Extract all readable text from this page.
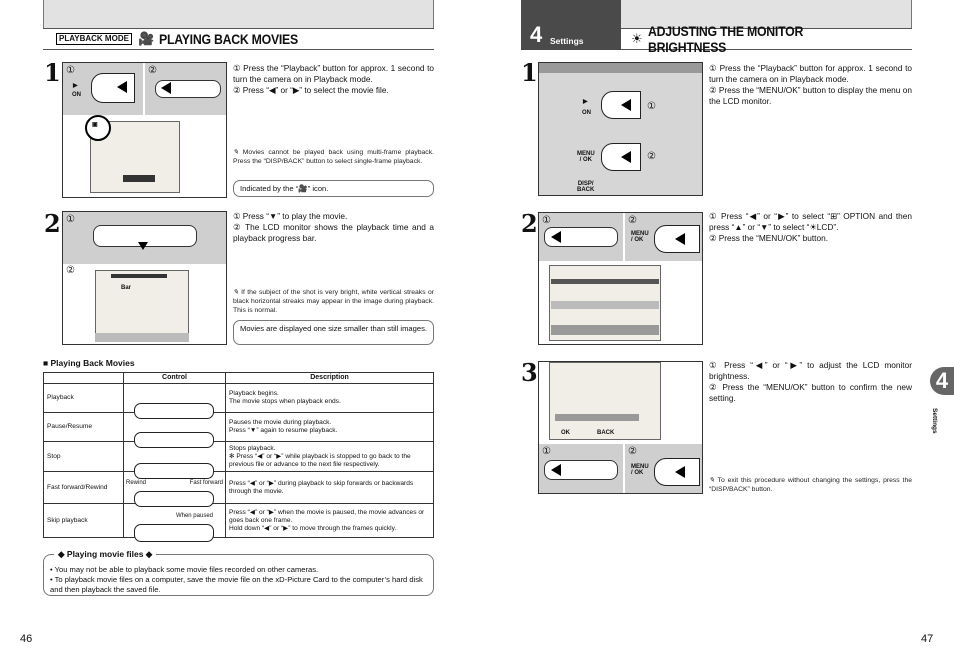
PLAYBACK MODE 🎥 PLAYING BACK MOVIES
1 ①
▶
ON
②
▣

① Press the “Playback” button for approx. 1 second to turn the camera on in Playback mode.

② Press “◀” or “▶” to select the movie file.

✎ Movies cannot be played back using multi-frame playback. Press the “DISP/BACK” button to select single-frame playback.
Indicated by the “🎥” icon.
2 ①
②
Bar

① Press “▼” to play the movie.

② The LCD monitor shows the playback time and a playback progress bar.

✎ If the subject of the shot is very bright, white vertical streaks or black horizontal streaks may appear in the image during playback. This is normal.
Movies are displayed one size smaller than still images.
■ Playing Back Movies
	Control	Description
Playback		Playback begins.
The movie stops when playback ends.
Pause/Resume		Pauses the movie during playback.
Press “▼” again to resume playback.
Stop		Stops playback.
✻ Press “◀” or “▶” while playback is stopped to go back to the previous file or advance to the next file respectively.
Fast forward/Rewind	Rewind Fast forward	Press “◀” or “▶” during playback to skip forwards or backwards through the movie.
Skip playback	When paused	Press “◀” or “▶” when the movie is paused, the movie advances or goes back one frame.
Hold down “◀” or “▶” to move through the frames quickly.
◆ Playing movie files ◆
• You may not be able to playback some movie files recorded on other cameras.
• To playback movie files on a computer, save the movie file on the xD-Picture Card to the computer’s hard disk and then playback the saved file.
46
4 Settings	☀ ADJUSTING THE MONITOR BRIGHTNESS
1
▶
ON
①
MENU
/ OK	②
DISP/
BACK

① Press the “Playback” button for approx. 1 second to turn the camera on in Playback mode.

② Press the “MENU/OK” button to display the menu on the LCD monitor.

2 ①	②
MENU
/ OK

① Press “◀” or “▶” to select “⊞” OPTION and then press “▲” or “▼” to select “☀LCD”.

② Press the “MENU/OK” button.

3
OK	BACK
①	②
MENU
/ OK

① Press “◀” or “▶” to adjust the LCD monitor brightness.

② Press the “MENU/OK” button to confirm the new setting.

✎ To exit this procedure without changing the settings, press the “DISP/BACK” button.
4
Settings
47
